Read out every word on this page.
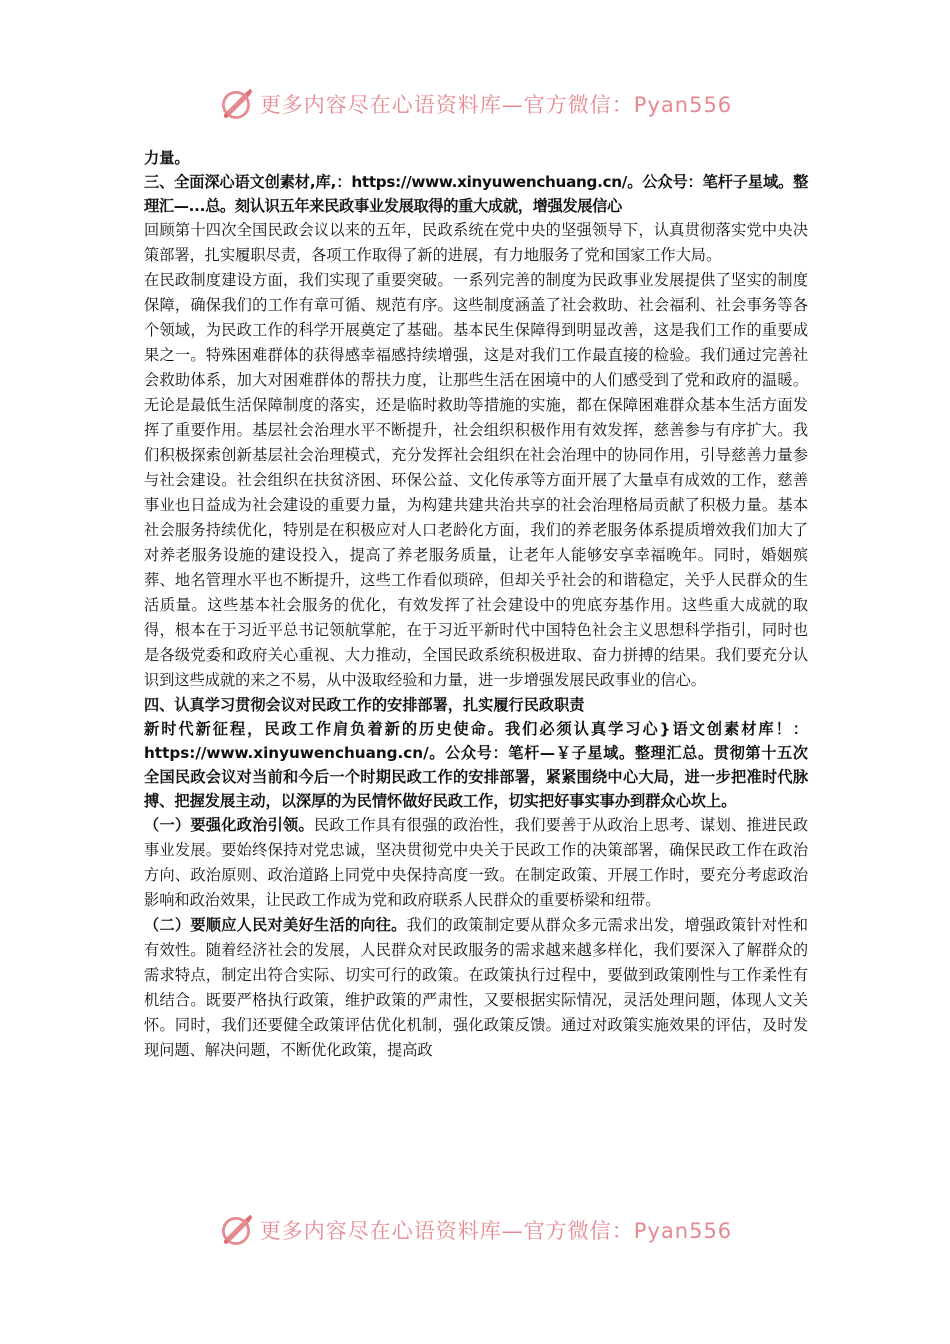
更多内容尽在心语资料库—官方微信：Pyan556

力量。

三、全面深心语文创素材,库,：https://www.xinyuwenchuang.cn/。公众号：笔杆子星域。整理汇—...总。刻认识五年来民政事业发展取得的重大成就，增强发展信心

回顾第十四次全国民政会议以来的五年，民政系统在党中央的坚强领导下，认真贯彻落实党中央决策部署，扎实履职尽责，各项工作取得了新的进展，有力地服务了党和国家工作大局。

在民政制度建设方面，我们实现了重要突破。一系列完善的制度为民政事业发展提供了坚实的制度保障，确保我们的工作有章可循、规范有序。这些制度涵盖了社会救助、社会福利、社会事务等各个领域，为民政工作的科学开展奠定了基础。基本民生保障得到明显改善，这是我们工作的重要成果之一。特殊困难群体的获得感幸福感持续增强，这是对我们工作最直接的检验。我们通过完善社会救助体系，加大对困难群体的帮扶力度，让那些生活在困境中的人们感受到了党和政府的温暖。无论是最低生活保障制度的落实，还是临时救助等措施的实施，都在保障困难群众基本生活方面发挥了重要作用。基层社会治理水平不断提升，社会组织积极作用有效发挥，慈善参与有序扩大。我们积极探索创新基层社会治理模式，充分发挥社会组织在社会治理中的协同作用，引导慈善力量参与社会建设。社会组织在扶贫济困、环保公益、文化传承等方面开展了大量卓有成效的工作，慈善事业也日益成为社会建设的重要力量，为构建共建共治共享的社会治理格局贡献了积极力量。基本社会服务持续优化，特别是在积极应对人口老龄化方面，我们的养老服务体系提质增效我们加大了对养老服务设施的建设投入，提高了养老服务质量，让老年人能够安享幸福晚年。同时，婚姻殡葬、地名管理水平也不断提升，这些工作看似琐碎，但却关乎社会的和谐稳定，关乎人民群众的生活质量。这些基本社会服务的优化，有效发挥了社会建设中的兜底夯基作用。这些重大成就的取得，根本在于习近平总书记领航掌舵，在于习近平新时代中国特色社会主义思想科学指引，同时也是各级党委和政府关心重视、大力推动，全国民政系统积极进取、奋力拼搏的结果。我们要充分认识到这些成就的来之不易，从中汲取经验和力量，进一步增强发展民政事业的信心。

四、认真学习贯彻会议对民政工作的安排部署，扎实履行民政职责

新时代新征程，民政工作肩负着新的历史使命。我们必须认真学习心}语文创素材库！：https://www.xinyuwenchuang.cn/。公众号：笔杆—￥子星域。整理汇总。贯彻第十五次全国民政会议对当前和今后一个时期民政工作的安排部署，紧紧围绕中心大局，进一步把准时代脉搏、把握发展主动，以深厚的为民情怀做好民政工作，切实把好事实事办到群众心坎上。

（一）要强化政治引领。民政工作具有很强的政治性，我们要善于从政治上思考、谋划、推进民政事业发展。要始终保持对党忠诚，坚决贯彻党中央关于民政工作的决策部署，确保民政工作在政治方向、政治原则、政治道路上同党中央保持高度一致。在制定政策、开展工作时，要充分考虑政治影响和政治效果，让民政工作成为党和政府联系人民群众的重要桥梁和纽带。

（二）要顺应人民对美好生活的向往。我们的政策制定要从群众多元需求出发，增强政策针对性和有效性。随着经济社会的发展，人民群众对民政服务的需求越来越多样化，我们要深入了解群众的需求特点，制定出符合实际、切实可行的政策。在政策执行过程中，要做到政策刚性与工作柔性有机结合。既要严格执行政策，维护政策的严肃性，又要根据实际情况，灵活处理问题，体现人文关怀。同时，我们还要健全政策评估优化机制，强化政策反馈。通过对政策实施效果的评估，及时发现问题、解决问题，不断优化政策，提高政

更多内容尽在心语资料库—官方微信：Pyan556
